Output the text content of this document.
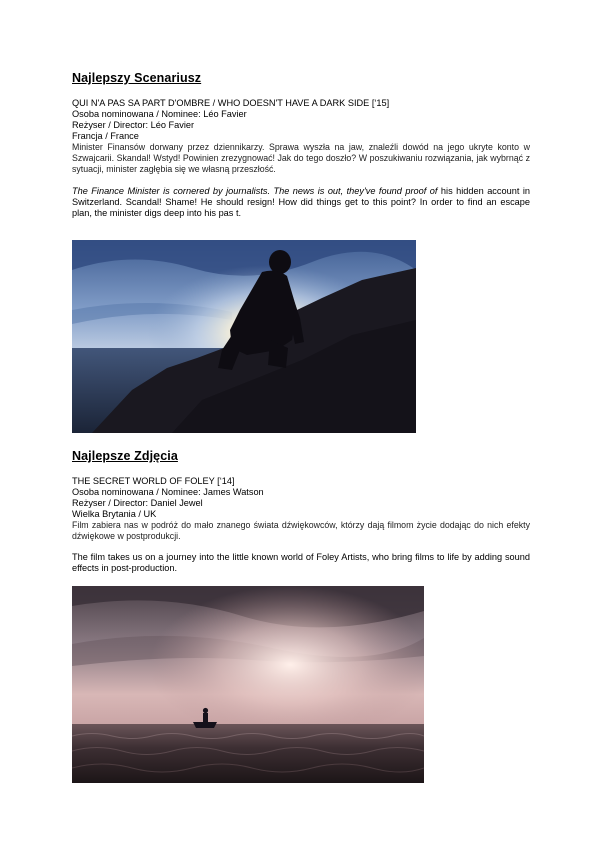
Najlepszy Scenariusz
QUI N'A PAS SA PART D'OMBRE / WHO DOESN'T HAVE A DARK SIDE [‘15]
Osoba nominowana / Nominee: Léo Favier
Reżyser / Director: Léo Favier
Francja / France
Minister Finansów dorwany przez dziennikarzy. Sprawa wyszła na jaw, znaleźli dowód na jego ukryte konto w Szwajcarii. Skandal! Wstyd! Powinien zrezygnować! Jak do tego doszło? W poszukiwaniu rozwiązania, jak wybrnąć z sytuacji, minister zagłębia się we własną przeszłość.
The Finance Minister is cornered by journalists. The news is out, they've found proof of his hidden account in Switzerland. Scandal! Shame! He should resign! How did things get to this point? In order to find an escape plan, the minister digs deep into his pas t.
Najlepsze Zdjęcia
THE SECRET WORLD OF FOLEY [‘14]
Osoba nominowana / Nominee: James Watson
Reżyser / Director: Daniel Jewel
Wielka Brytania / UK
Film zabiera nas w podróż do mało znanego świata dźwiękowców, którzy dają filmom życie dodając do nich efekty dźwiękowe w postprodukcji.
The film takes us on a journey into the little known world of Foley Artists, who bring films to life by adding sound effects in post-production.
